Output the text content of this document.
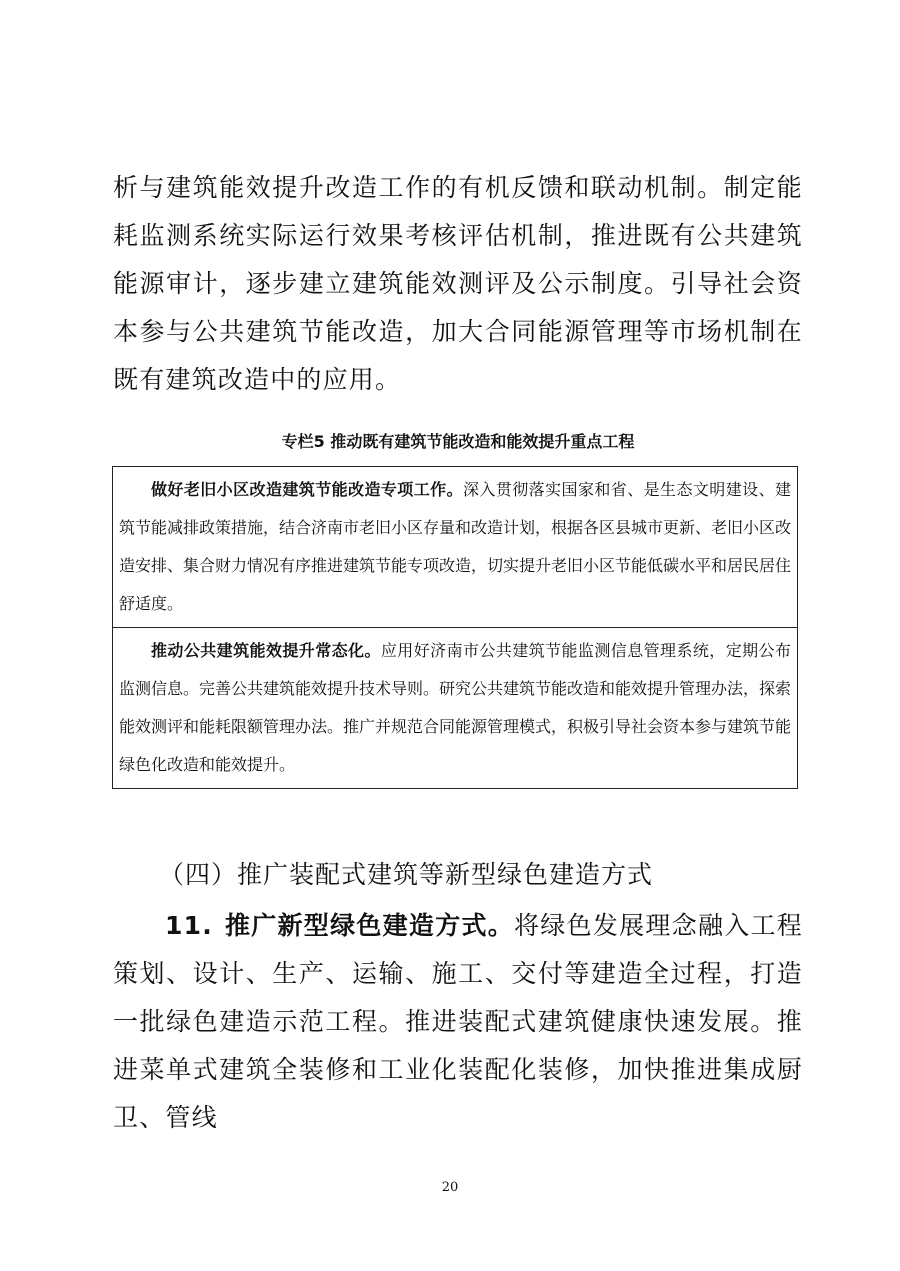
析与建筑能效提升改造工作的有机反馈和联动机制。制定能耗监测系统实际运行效果考核评估机制，推进既有公共建筑能源审计，逐步建立建筑能效测评及公示制度。引导社会资本参与公共建筑节能改造，加大合同能源管理等市场机制在既有建筑改造中的应用。

专栏5 推动既有建筑节能改造和能效提升重点工程
做好老旧小区改造建筑节能改造专项工作。深入贯彻落实国家和省、是生态文明建设、建筑节能减排政策措施，结合济南市老旧小区存量和改造计划，根据各区县城市更新、老旧小区改造安排、集合财力情况有序推进建筑节能专项改造，切实提升老旧小区节能低碳水平和居民居住舒适度。
推动公共建筑能效提升常态化。应用好济南市公共建筑节能监测信息管理系统，定期公布监测信息。完善公共建筑能效提升技术导则。研究公共建筑节能改造和能效提升管理办法，探索能效测评和能耗限额管理办法。推广并规范合同能源管理模式，积极引导社会资本参与建筑节能绿色化改造和能效提升。
（四）推广装配式建筑等新型绿色建造方式

11. 推广新型绿色建造方式。将绿色发展理念融入工程策划、设计、生产、运输、施工、交付等建造全过程，打造一批绿色建造示范工程。推进装配式建筑健康快速发展。推进菜单式建筑全装修和工业化装配化装修，加快推进集成厨卫、管线

20
